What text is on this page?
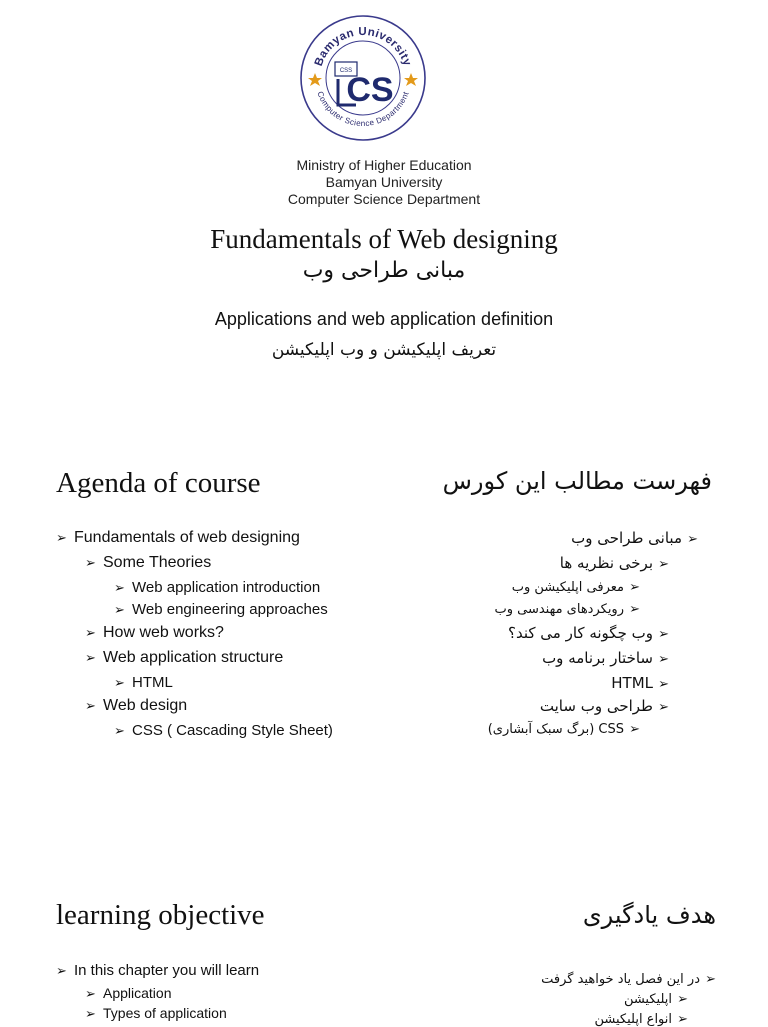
Bamyan University
Computer Science Department
CSS
CS
Ministry of Higher Education
Bamyan University
Computer Science Department
Fundamentals of Web designing
مبانی طراحی وب
Applications and web application definition
تعریف اپلیکیشن و وب اپلیکیشن
Agenda of course	فهرست مطالب این کورس
➢ Fundamentals of web designing
➢ Some Theories
➢ Web application introduction
➢ Web engineering approaches
➢ How web works?
➢ Web application structure
➢ HTML
➢ Web design
➢ CSS ( Cascading Style Sheet)
➢مبانی طراحی وب
➢برخی نظریه ها
➢معرفی اپلیکیشن وب
➢رویکردهای مهندسی وب
➢وب چگونه کار می کند؟
➢ساختار برنامه وب
➢HTML
➢طراحی وب سایت
➢CSS (برگ سبک آبشاری)
learning objective	هدف یادگیری
➢ In this chapter you will learn
➢ Application
➢ Types of application
➢در این فصل یاد خواهید گرفت
➢اپلیکیشن
➢انواع اپلیکیشن
